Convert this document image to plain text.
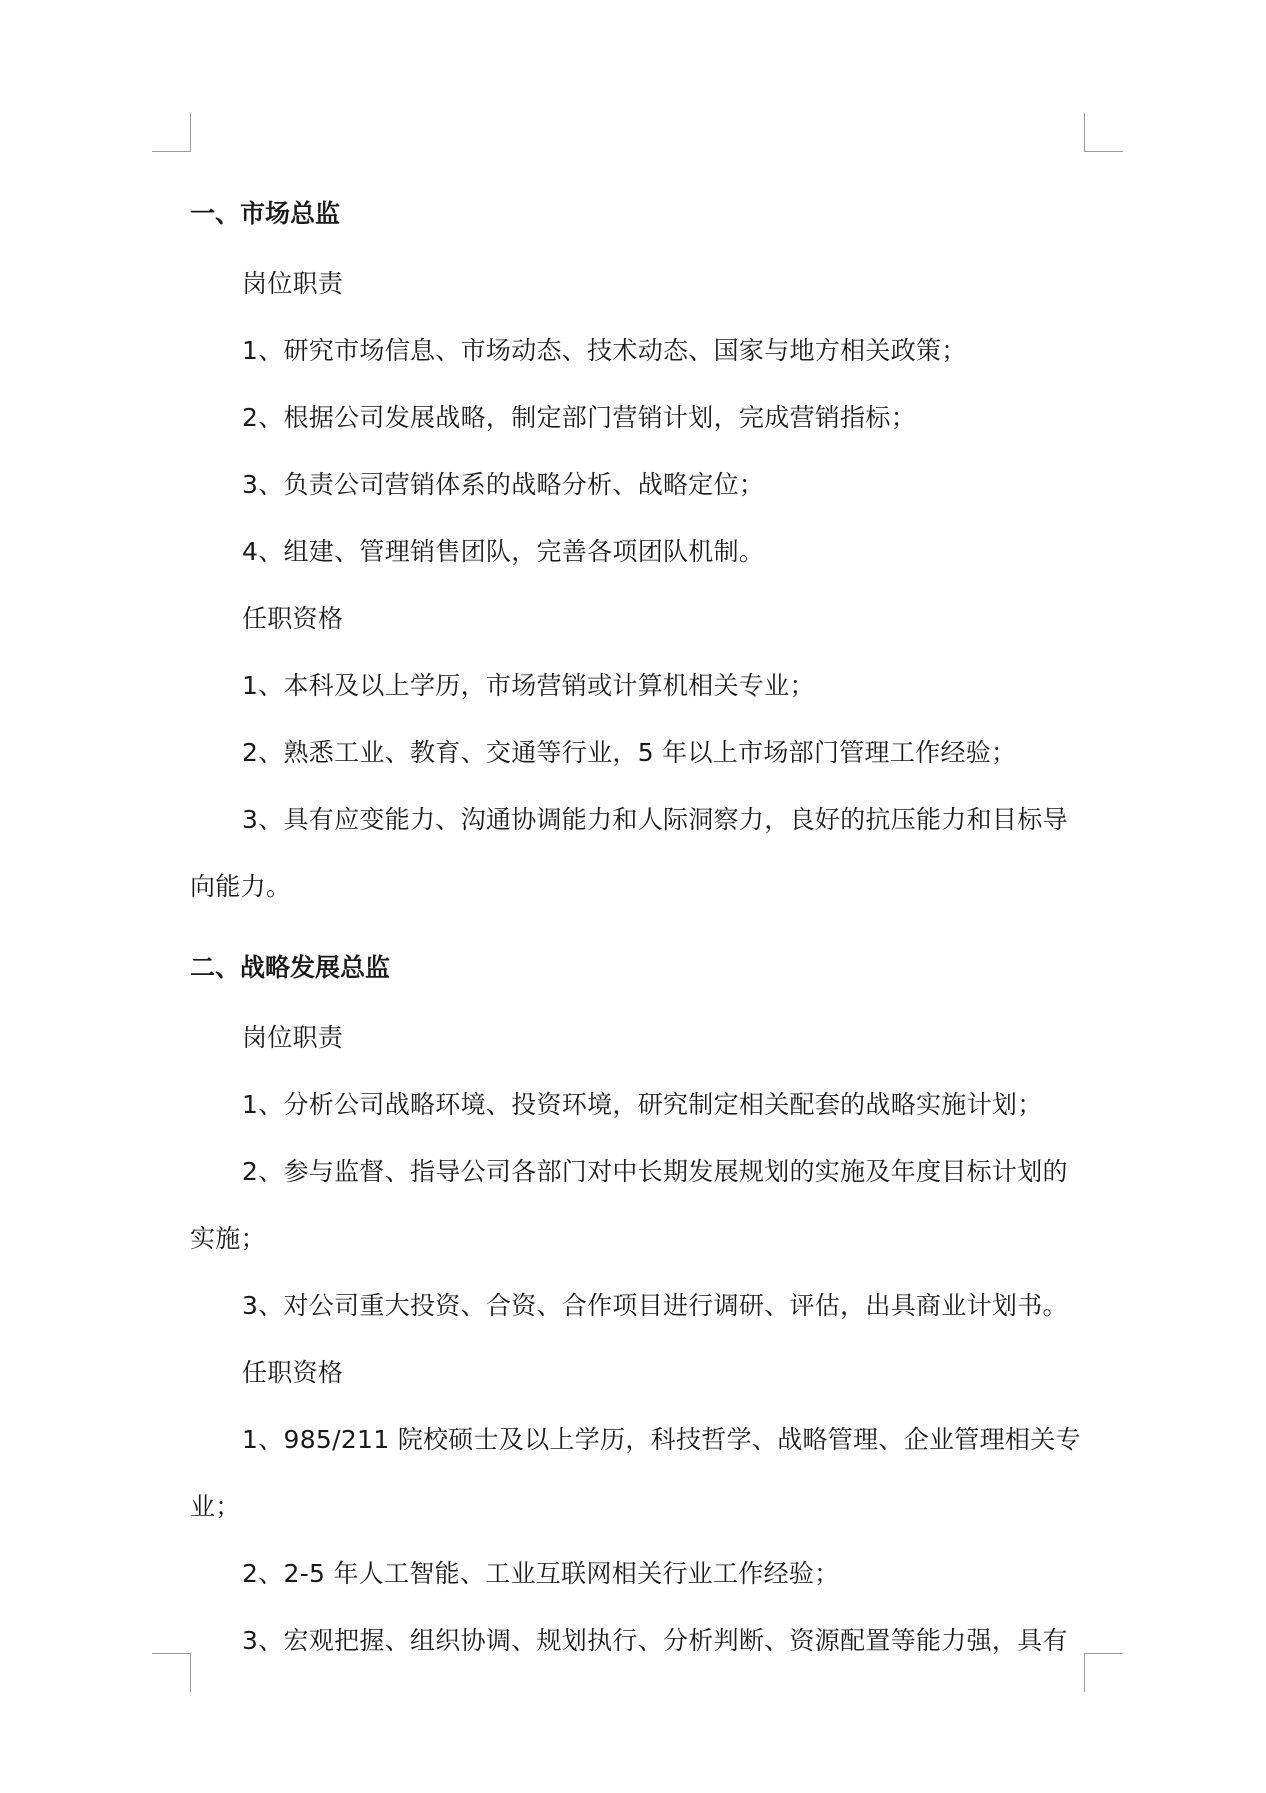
一、市场总监
岗位职责
1、研究市场信息、市场动态、技术动态、国家与地方相关政策；
2、根据公司发展战略，制定部门营销计划，完成营销指标；
3、负责公司营销体系的战略分析、战略定位；
4、组建、管理销售团队，完善各项团队机制。
任职资格
1、本科及以上学历，市场营销或计算机相关专业；
2、熟悉工业、教育、交通等行业，5 年以上市场部门管理工作经验；
3、具有应变能力、沟通协调能力和人际洞察力，良好的抗压能力和目标导
向能力。
二、战略发展总监
岗位职责
1、分析公司战略环境、投资环境，研究制定相关配套的战略实施计划；
2、参与监督、指导公司各部门对中长期发展规划的实施及年度目标计划的
实施；
3、对公司重大投资、合资、合作项目进行调研、评估，出具商业计划书。
任职资格
1、985/211 院校硕士及以上学历，科技哲学、战略管理、企业管理相关专
业；
2、2-5 年人工智能、工业互联网相关行业工作经验；
3、宏观把握、组织协调、规划执行、分析判断、资源配置等能力强，具有
